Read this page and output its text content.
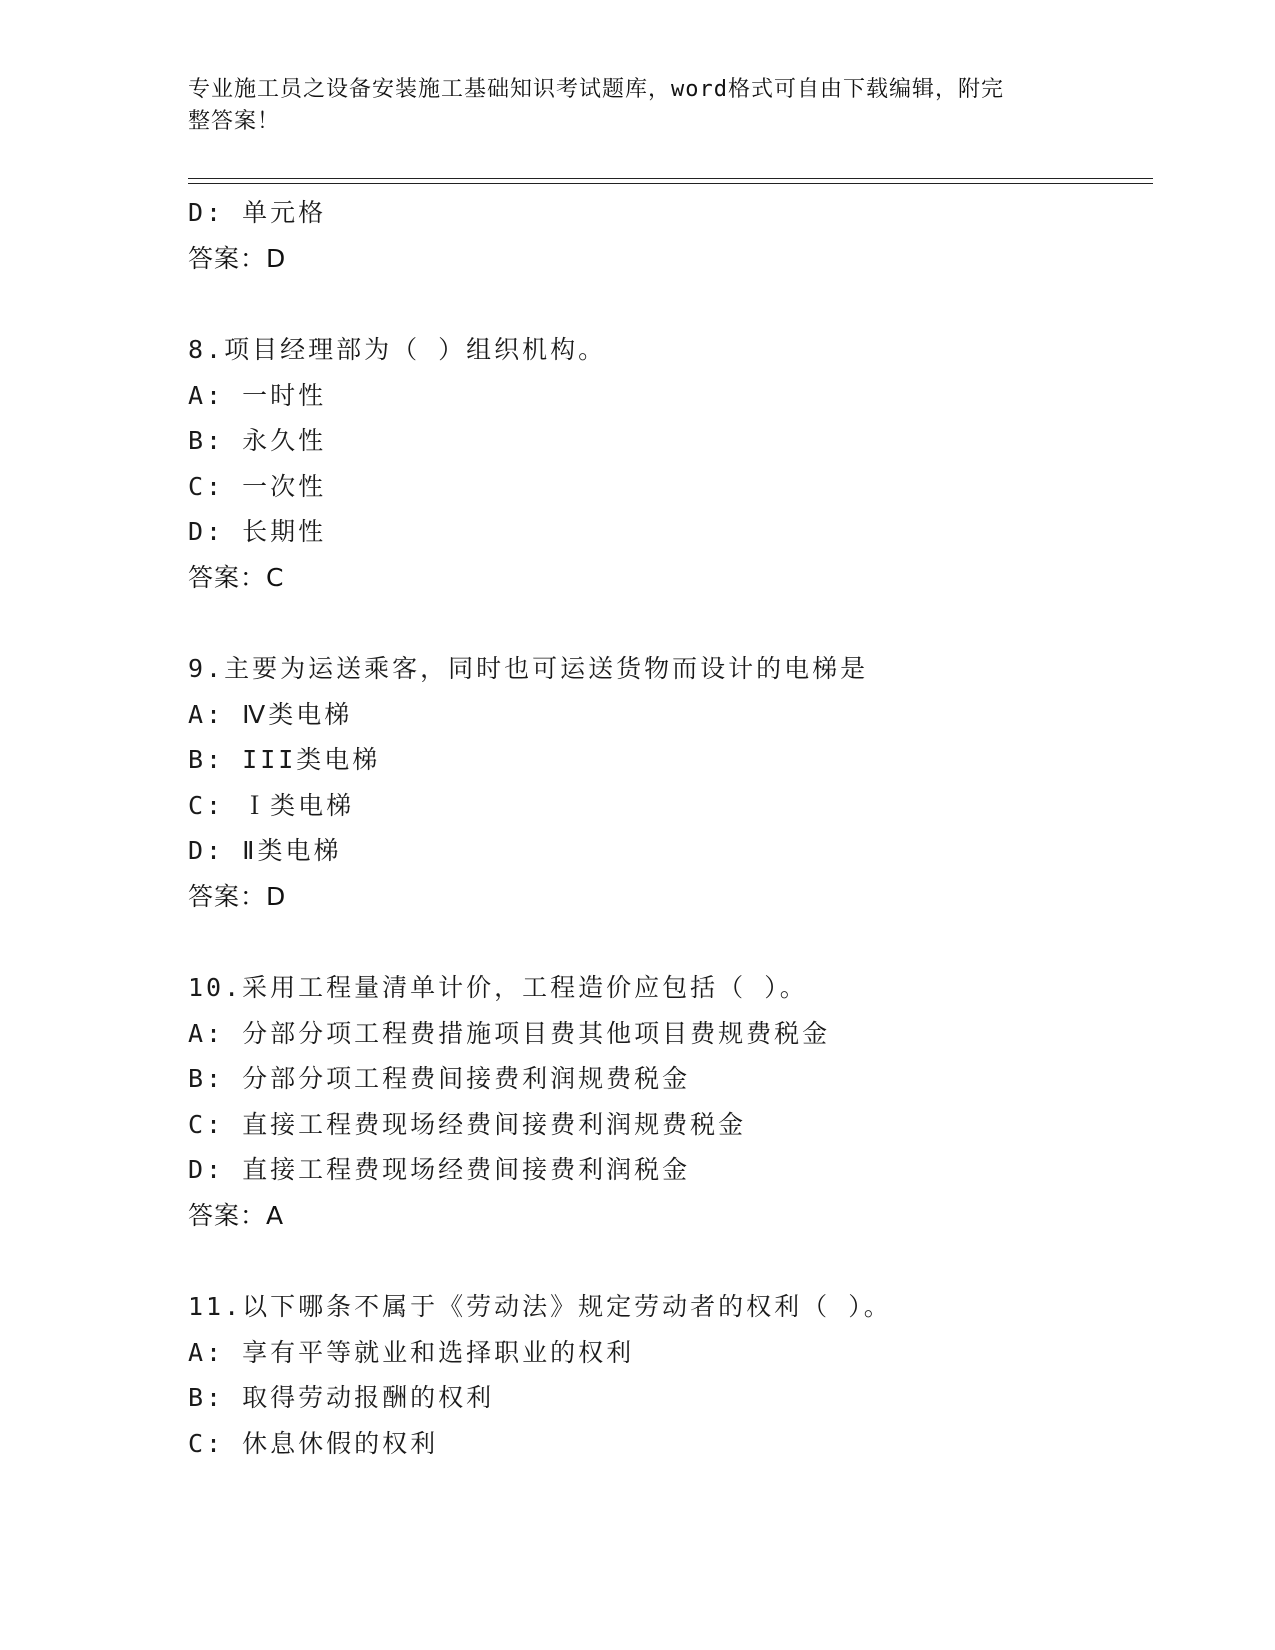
专业施工员之设备安装施工基础知识考试题库，word格式可自由下载编辑，附完
整答案！
D: 单元格
答案：D
8.项目经理部为（ ）组织机构。
A: 一时性
B: 永久性
C: 一次性
D: 长期性
答案：C
9.主要为运送乘客，同时也可运送货物而设计的电梯是
A: Ⅳ类电梯
B: III类电梯
C: Ｉ类电梯
D: Ⅱ类电梯
答案：D
10.采用工程量清单计价，工程造价应包括（ ）。
A: 分部分项工程费措施项目费其他项目费规费税金
B: 分部分项工程费间接费利润规费税金
C: 直接工程费现场经费间接费利润规费税金
D: 直接工程费现场经费间接费利润税金
答案：A
11.以下哪条不属于《劳动法》规定劳动者的权利（ ）。
A: 享有平等就业和选择职业的权利
B: 取得劳动报酬的权利
C: 休息休假的权利
